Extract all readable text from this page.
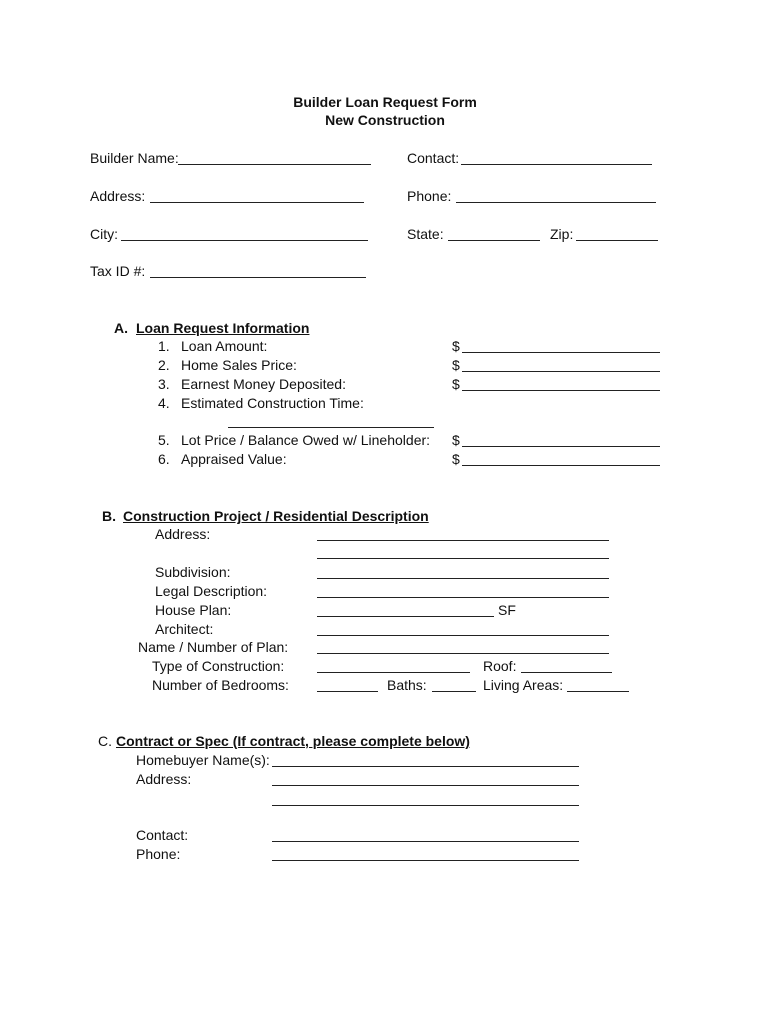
Builder Loan Request Form
New Construction
Builder Name:	Contact:
Address:	Phone:
City:	State:	Zip:
Tax ID #:
A. Loan Request Information
1. Loan Amount:	$
2. Home Sales Price:	$
3. Earnest Money Deposited:	$
4. Estimated Construction Time:
5. Lot Price / Balance Owed w/ Lineholder: $
6. Appraised Value:	$
B. Construction Project / Residential Description
Address:
Subdivision:
Legal Description:
House Plan:	SF
Architect:
Name / Number of Plan:
Type of Construction:	Roof:
Number of Bedrooms:	Baths:	Living Areas:
C. Contract or Spec (If contract, please complete below)
Homebuyer Name(s):
Address:
Contact:
Phone:
